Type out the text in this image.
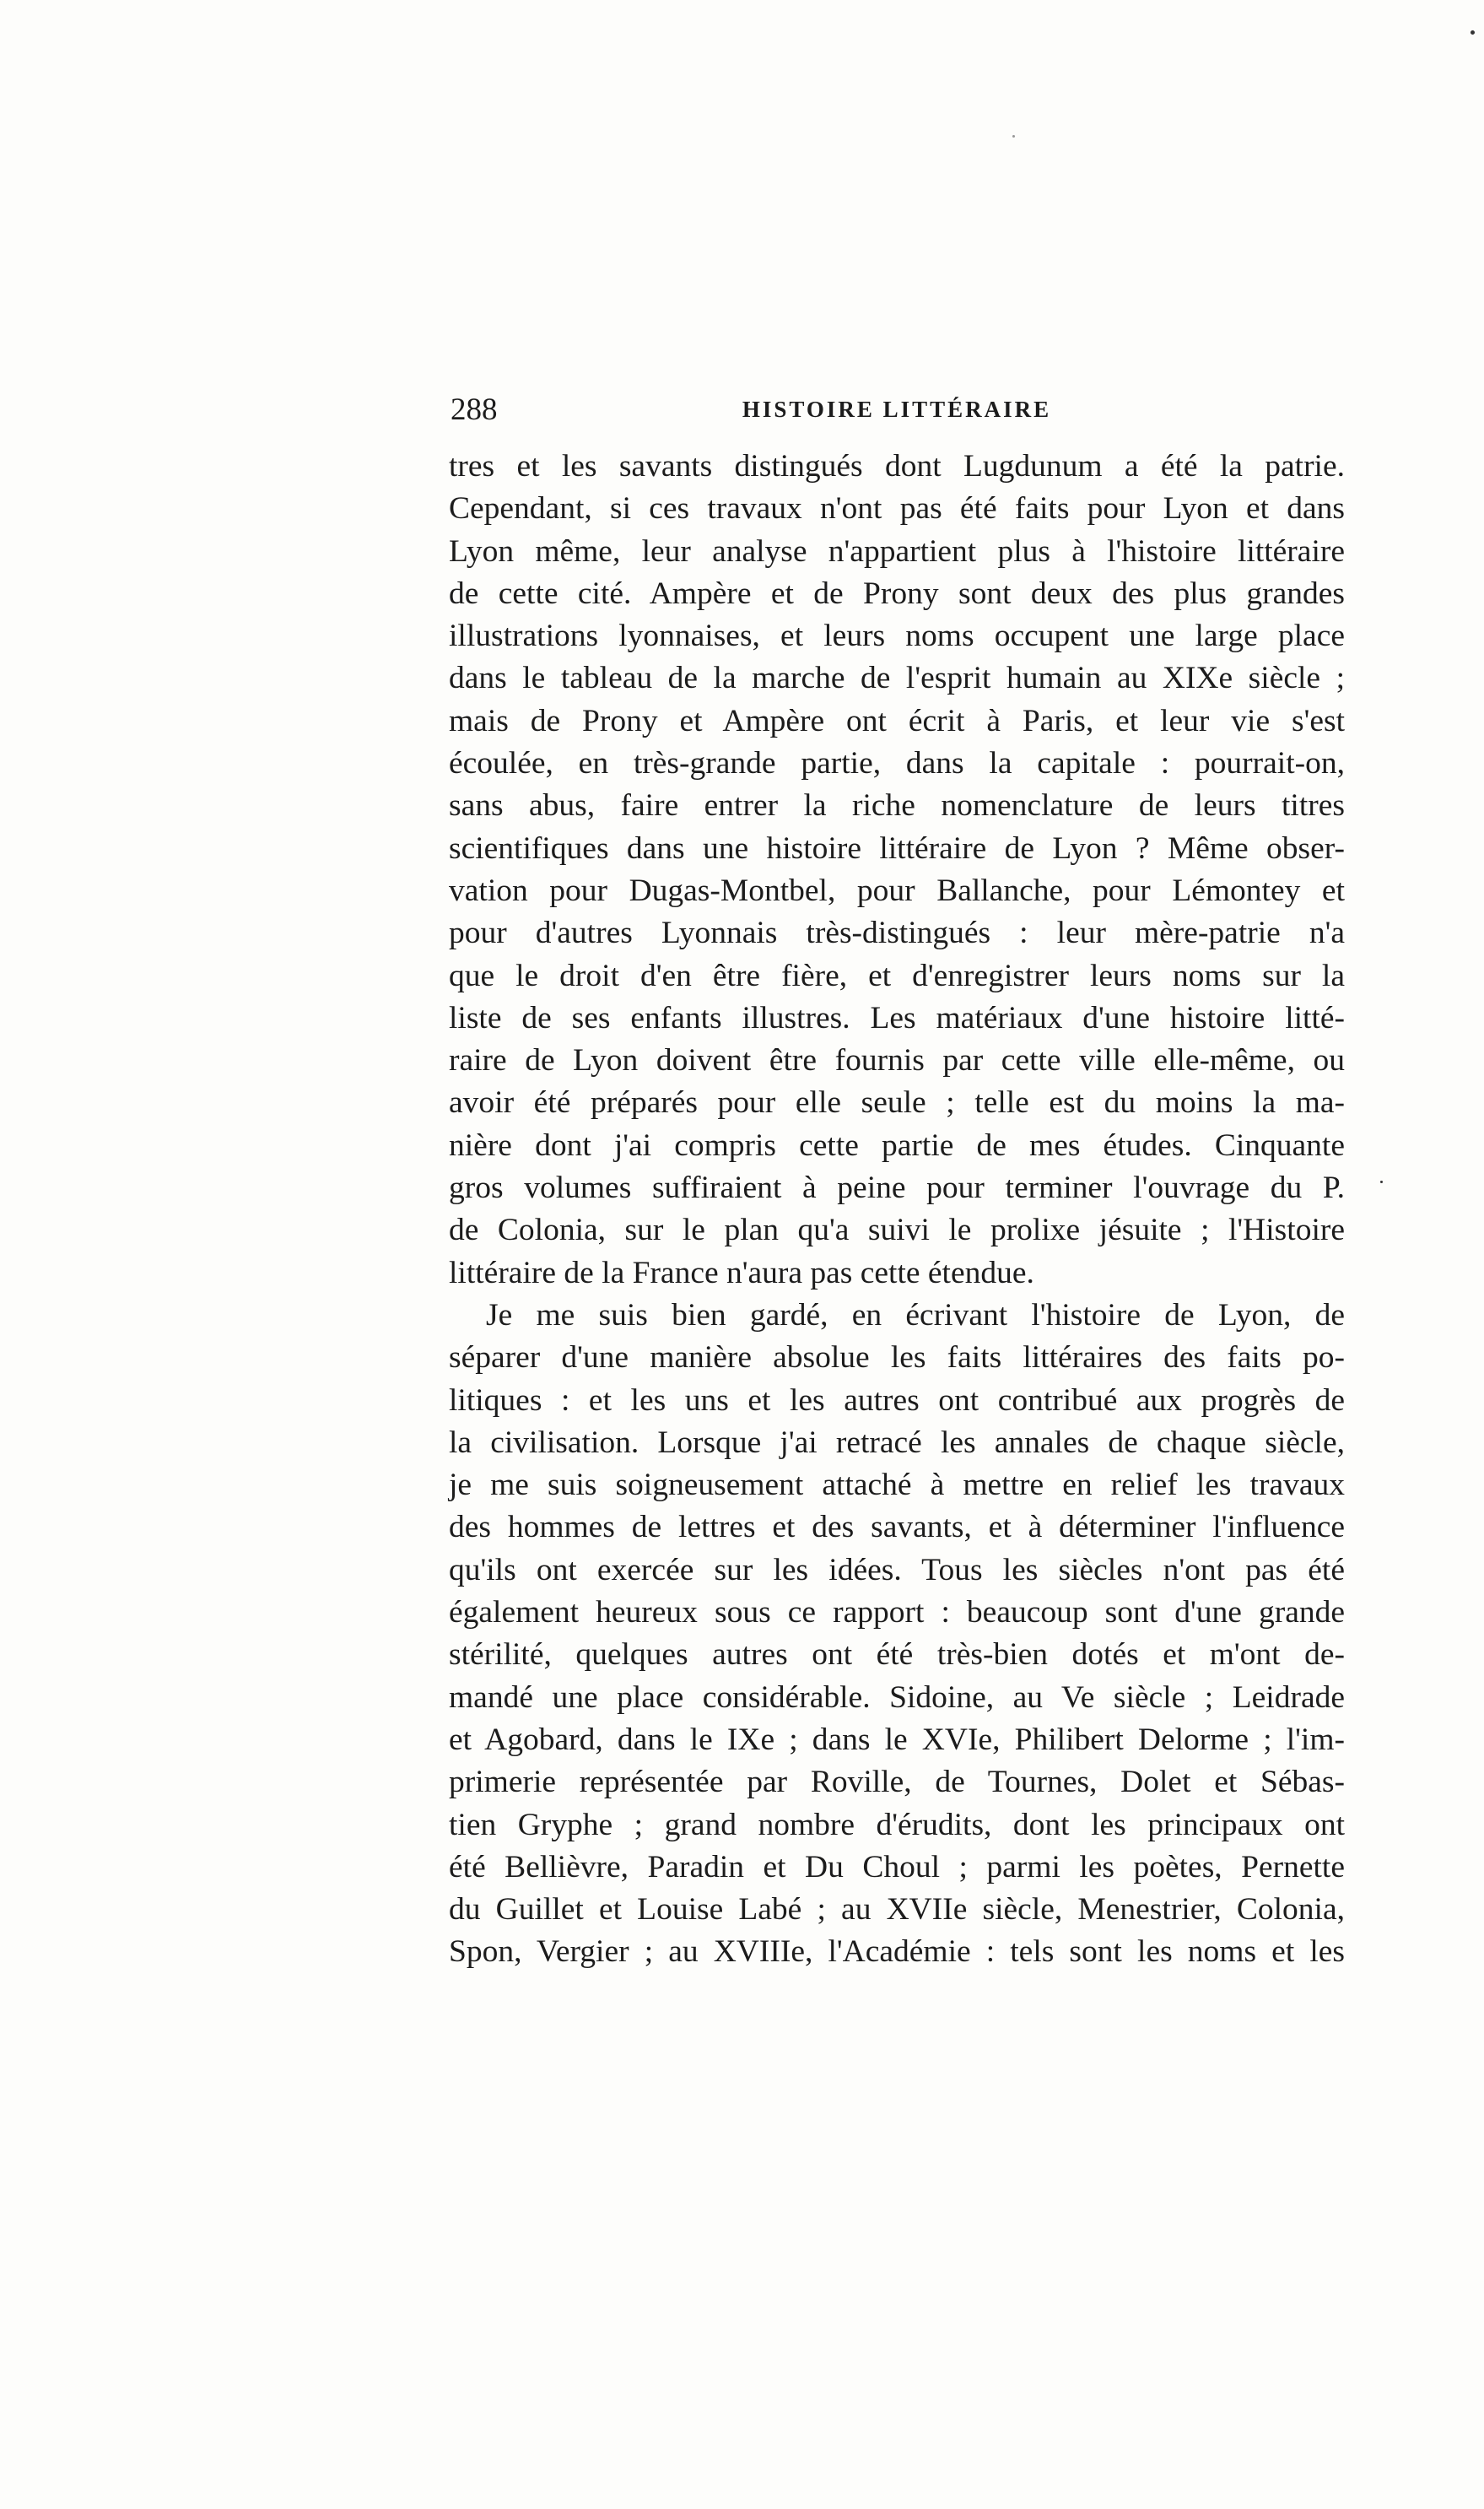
288	HISTOIRE LITTÉRAIRE
tres et les savants distingués dont Lugdunum a été la patrie.
Cependant, si ces travaux n'ont pas été faits pour Lyon et dans
Lyon même, leur analyse n'appartient plus à l'histoire littéraire
de cette cité. Ampère et de Prony sont deux des plus grandes
illustrations lyonnaises, et leurs noms occupent une large place
dans le tableau de la marche de l'esprit humain au XIXe siècle ;
mais de Prony et Ampère ont écrit à Paris, et leur vie s'est
écoulée, en très-grande partie, dans la capitale : pourrait-on,
sans abus, faire entrer la riche nomenclature de leurs titres
scientifiques dans une histoire littéraire de Lyon ? Même obser-
vation pour Dugas-Montbel, pour Ballanche, pour Lémontey et
pour d'autres Lyonnais très-distingués : leur mère-patrie n'a
que le droit d'en être fière, et d'enregistrer leurs noms sur la
liste de ses enfants illustres. Les matériaux d'une histoire litté-
raire de Lyon doivent être fournis par cette ville elle-même, ou
avoir été préparés pour elle seule ; telle est du moins la ma-
nière dont j'ai compris cette partie de mes études. Cinquante
gros volumes suffiraient à peine pour terminer l'ouvrage du P.
de Colonia, sur le plan qu'a suivi le prolixe jésuite ; l'Histoire
littéraire de la France n'aura pas cette étendue.
Je me suis bien gardé, en écrivant l'histoire de Lyon, de
séparer d'une manière absolue les faits littéraires des faits po-
litiques : et les uns et les autres ont contribué aux progrès de
la civilisation. Lorsque j'ai retracé les annales de chaque siècle,
je me suis soigneusement attaché à mettre en relief les travaux
des hommes de lettres et des savants, et à déterminer l'influence
qu'ils ont exercée sur les idées. Tous les siècles n'ont pas été
également heureux sous ce rapport : beaucoup sont d'une grande
stérilité, quelques autres ont été très-bien dotés et m'ont de-
mandé une place considérable. Sidoine, au Ve siècle ; Leidrade
et Agobard, dans le IXe ; dans le XVIe, Philibert Delorme ; l'im-
primerie représentée par Roville, de Tournes, Dolet et Sébas-
tien Gryphe ; grand nombre d'érudits, dont les principaux ont
été Bellièvre, Paradin et Du Choul ; parmi les poètes, Pernette
du Guillet et Louise Labé ; au XVIIe siècle, Menestrier, Colonia,
Spon, Vergier ; au XVIIIe, l'Académie : tels sont les noms et les
